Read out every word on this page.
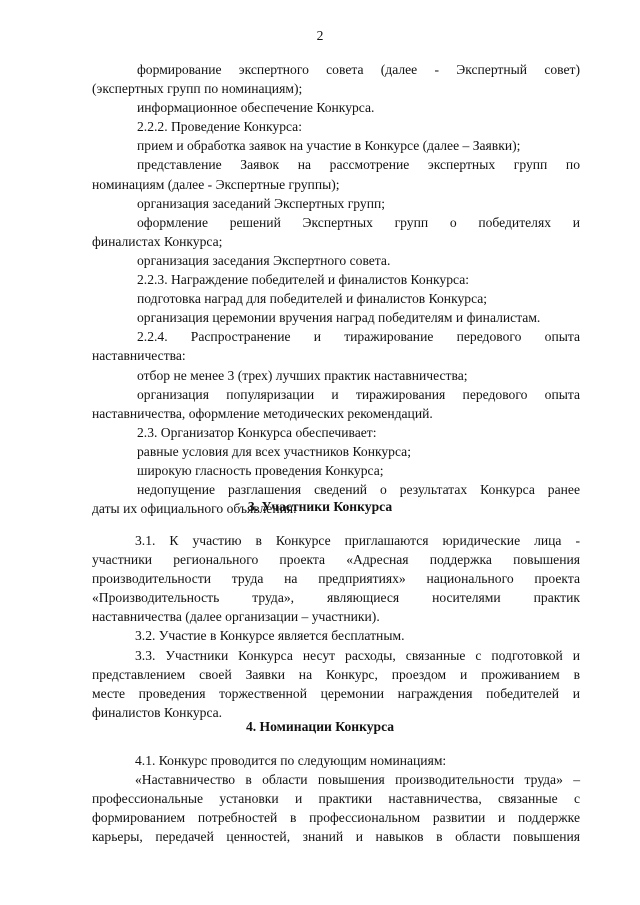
2
формирование экспертного совета (далее - Экспертный совет)
(экспертных групп по номинациям);
информационное обеспечение Конкурса.
2.2.2. Проведение Конкурса:
прием и обработка заявок на участие в Конкурсе (далее – Заявки);
представление Заявок на рассмотрение экспертных групп по
номинациям (далее - Экспертные группы);
организация заседаний Экспертных групп;
оформление решений Экспертных групп о победителях и
финалистах Конкурса;
организация заседания Экспертного совета.
2.2.3. Награждение победителей и финалистов Конкурса:
подготовка наград для победителей и финалистов Конкурса;
организация церемонии вручения наград победителям и финалистам.
2.2.4. Распространение и тиражирование передового опыта
наставничества:
отбор не менее 3 (трех) лучших практик наставничества;
организация популяризации и тиражирования передового опыта
наставничества, оформление методических рекомендаций.
2.3. Организатор Конкурса обеспечивает:
равные условия для всех участников Конкурса;
широкую гласность проведения Конкурса;
недопущение разглашения сведений о результатах Конкурса ранее
даты их официального объявления.
3. Участники Конкурса
3.1. К участию в Конкурсе приглашаются юридические лица -
участники регионального проекта «Адресная поддержка повышения
производительности труда на предприятиях» национального проекта
«Производительность труда», являющиеся носителями практик
наставничества (далее организации – участники).
3.2. Участие в Конкурсе является бесплатным.
3.3. Участники Конкурса несут расходы, связанные с подготовкой и
представлением своей Заявки на Конкурс, проездом и проживанием в
месте проведения торжественной церемонии награждения победителей и
финалистов Конкурса.
4. Номинации Конкурса
4.1. Конкурс проводится по следующим номинациям:
«Наставничество в области повышения производительности труда» –
профессиональные установки и практики наставничества, связанные с
формированием потребностей в профессиональном развитии и поддержке
карьеры, передачей ценностей, знаний и навыков в области повышения
